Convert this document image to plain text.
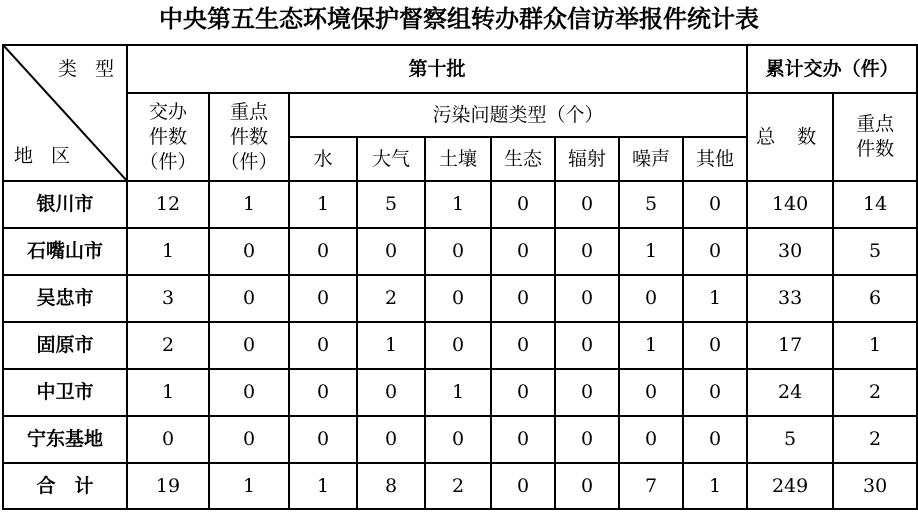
中央第五生态环境保护督察组转办群众信访举报件统计表
类 型
地 区	第十批									累计交办（件）	

	交办
件数
（件）	重点
件数
（件）	污染问题类型（个）							总 数	重点
件数

			水	大气	土壤	生态	辐射	噪声	其他		
银川市	12	1	1	5	1	0	0	5	0	140	14
石嘴山市	1	0	0	0	0	0	0	1	0	30	5
吴忠市	3	0	0	2	0	0	0	0	1	33	6
固原市	2	0	0	1	0	0	0	1	0	17	1
中卫市	1	0	0	0	1	0	0	0	0	24	2
宁东基地	0	0	0	0	0	0	0	0	0	5	2
合　计	19	1	1	8	2	0	0	7	1	249	30
